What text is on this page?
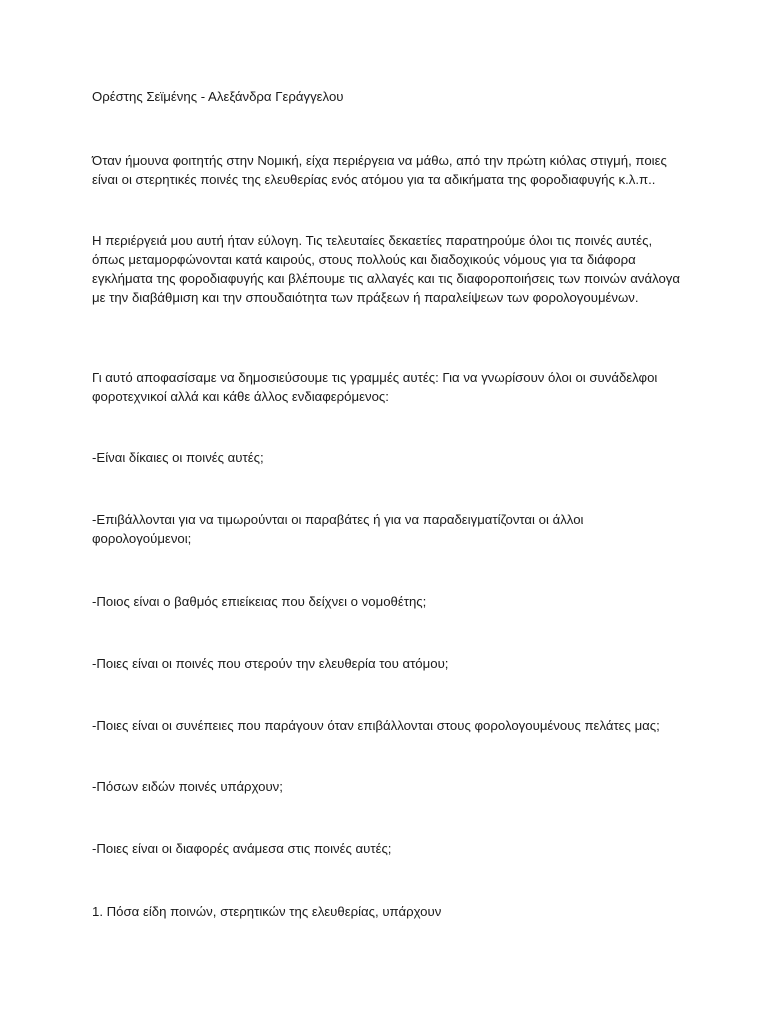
Ορέστης Σεϊμένης - Αλεξάνδρα Γεράγγελου

Όταν ήμουνα φοιτητής στην Νομική, είχα περιέργεια να μάθω, από την πρώτη κιόλας στιγμή, ποιες είναι οι στερητικές ποινές της ελευθερίας ενός ατόμου για τα αδικήματα της φοροδιαφυγής κ.λ.π..

Η περιέργειά μου αυτή ήταν εύλογη. Τις τελευταίες δεκαετίες παρατηρούμε όλοι τις ποινές αυτές, όπως μεταμορφώνονται κατά καιρούς, στους πολλούς και διαδοχικούς νόμους για τα διάφορα εγκλήματα της φοροδιαφυγής και βλέπουμε τις αλλαγές και τις διαφοροποιήσεις των ποινών ανάλογα με την διαβάθμιση και την σπουδαιότητα των πράξεων ή παραλείψεων των φορολογουμένων.

Γι αυτό αποφασίσαμε να δημοσιεύσουμε τις γραμμές αυτές: Για να γνωρίσουν όλοι οι συνάδελφοι φοροτεχνικοί αλλά και κάθε άλλος ενδιαφερόμενος:

-Είναι δίκαιες οι ποινές αυτές;

-Επιβάλλονται για να τιμωρούνται οι παραβάτες ή για να παραδειγματίζονται οι άλλοι φορολογούμενοι;

-Ποιος είναι ο βαθμός επιείκειας που δείχνει ο νομοθέτης;

-Ποιες είναι οι ποινές που στερούν την ελευθερία του ατόμου;

-Ποιες είναι οι συνέπειες που παράγουν όταν επιβάλλονται στους φορολογουμένους πελάτες μας;

-Πόσων ειδών ποινές υπάρχουν;

-Ποιες είναι οι διαφορές ανάμεσα στις ποινές αυτές;

1. Πόσα είδη ποινών, στερητικών της ελευθερίας, υπάρχουν
